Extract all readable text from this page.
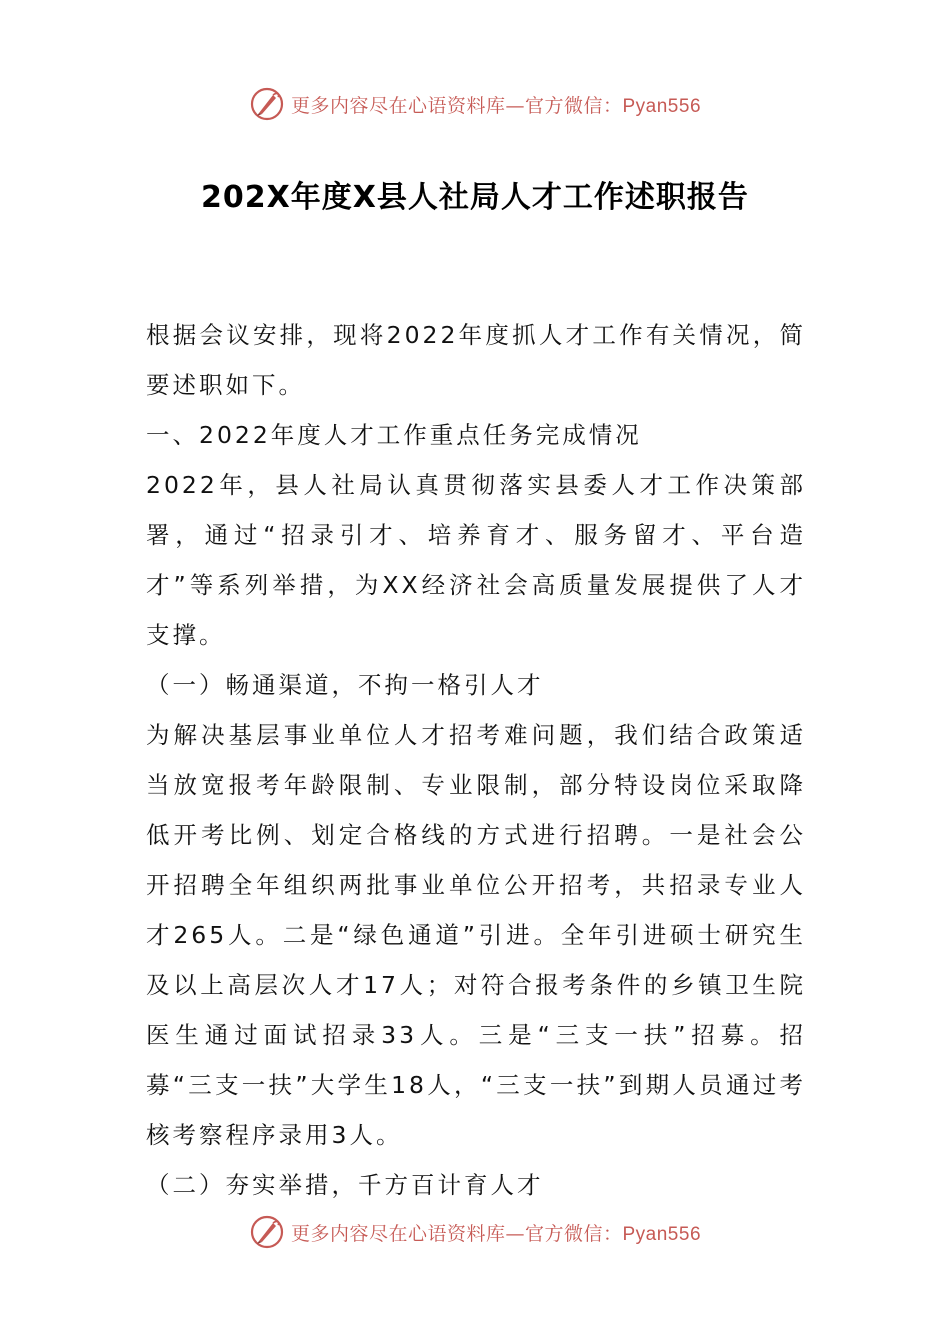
更多内容尽在心语资料库—官方微信：Pyan556
202X年度X县人社局人才工作述职报告

根据会议安排，现将2022年度抓人才工作有关情况，简要述职如下。

一、2022年度人才工作重点任务完成情况

2022年，县人社局认真贯彻落实县委人才工作决策部署，通过“招录引才、培养育才、服务留才、平台造才”等系列举措，为XX经济社会高质量发展提供了人才支撑。

（一）畅通渠道，不拘一格引人才

为解决基层事业单位人才招考难问题，我们结合政策适当放宽报考年龄限制、专业限制，部分特设岗位采取降低开考比例、划定合格线的方式进行招聘。一是社会公开招聘全年组织两批事业单位公开招考，共招录专业人才265人。二是“绿色通道”引进。全年引进硕士研究生及以上高层次人才17人；对符合报考条件的乡镇卫生院医生通过面试招录33人。三是“三支一扶”招募。招募“三支一扶”大学生18人，“三支一扶”到期人员通过考核考察程序录用3人。

（二）夯实举措，千方百计育人才

更多内容尽在心语资料库—官方微信：Pyan556
